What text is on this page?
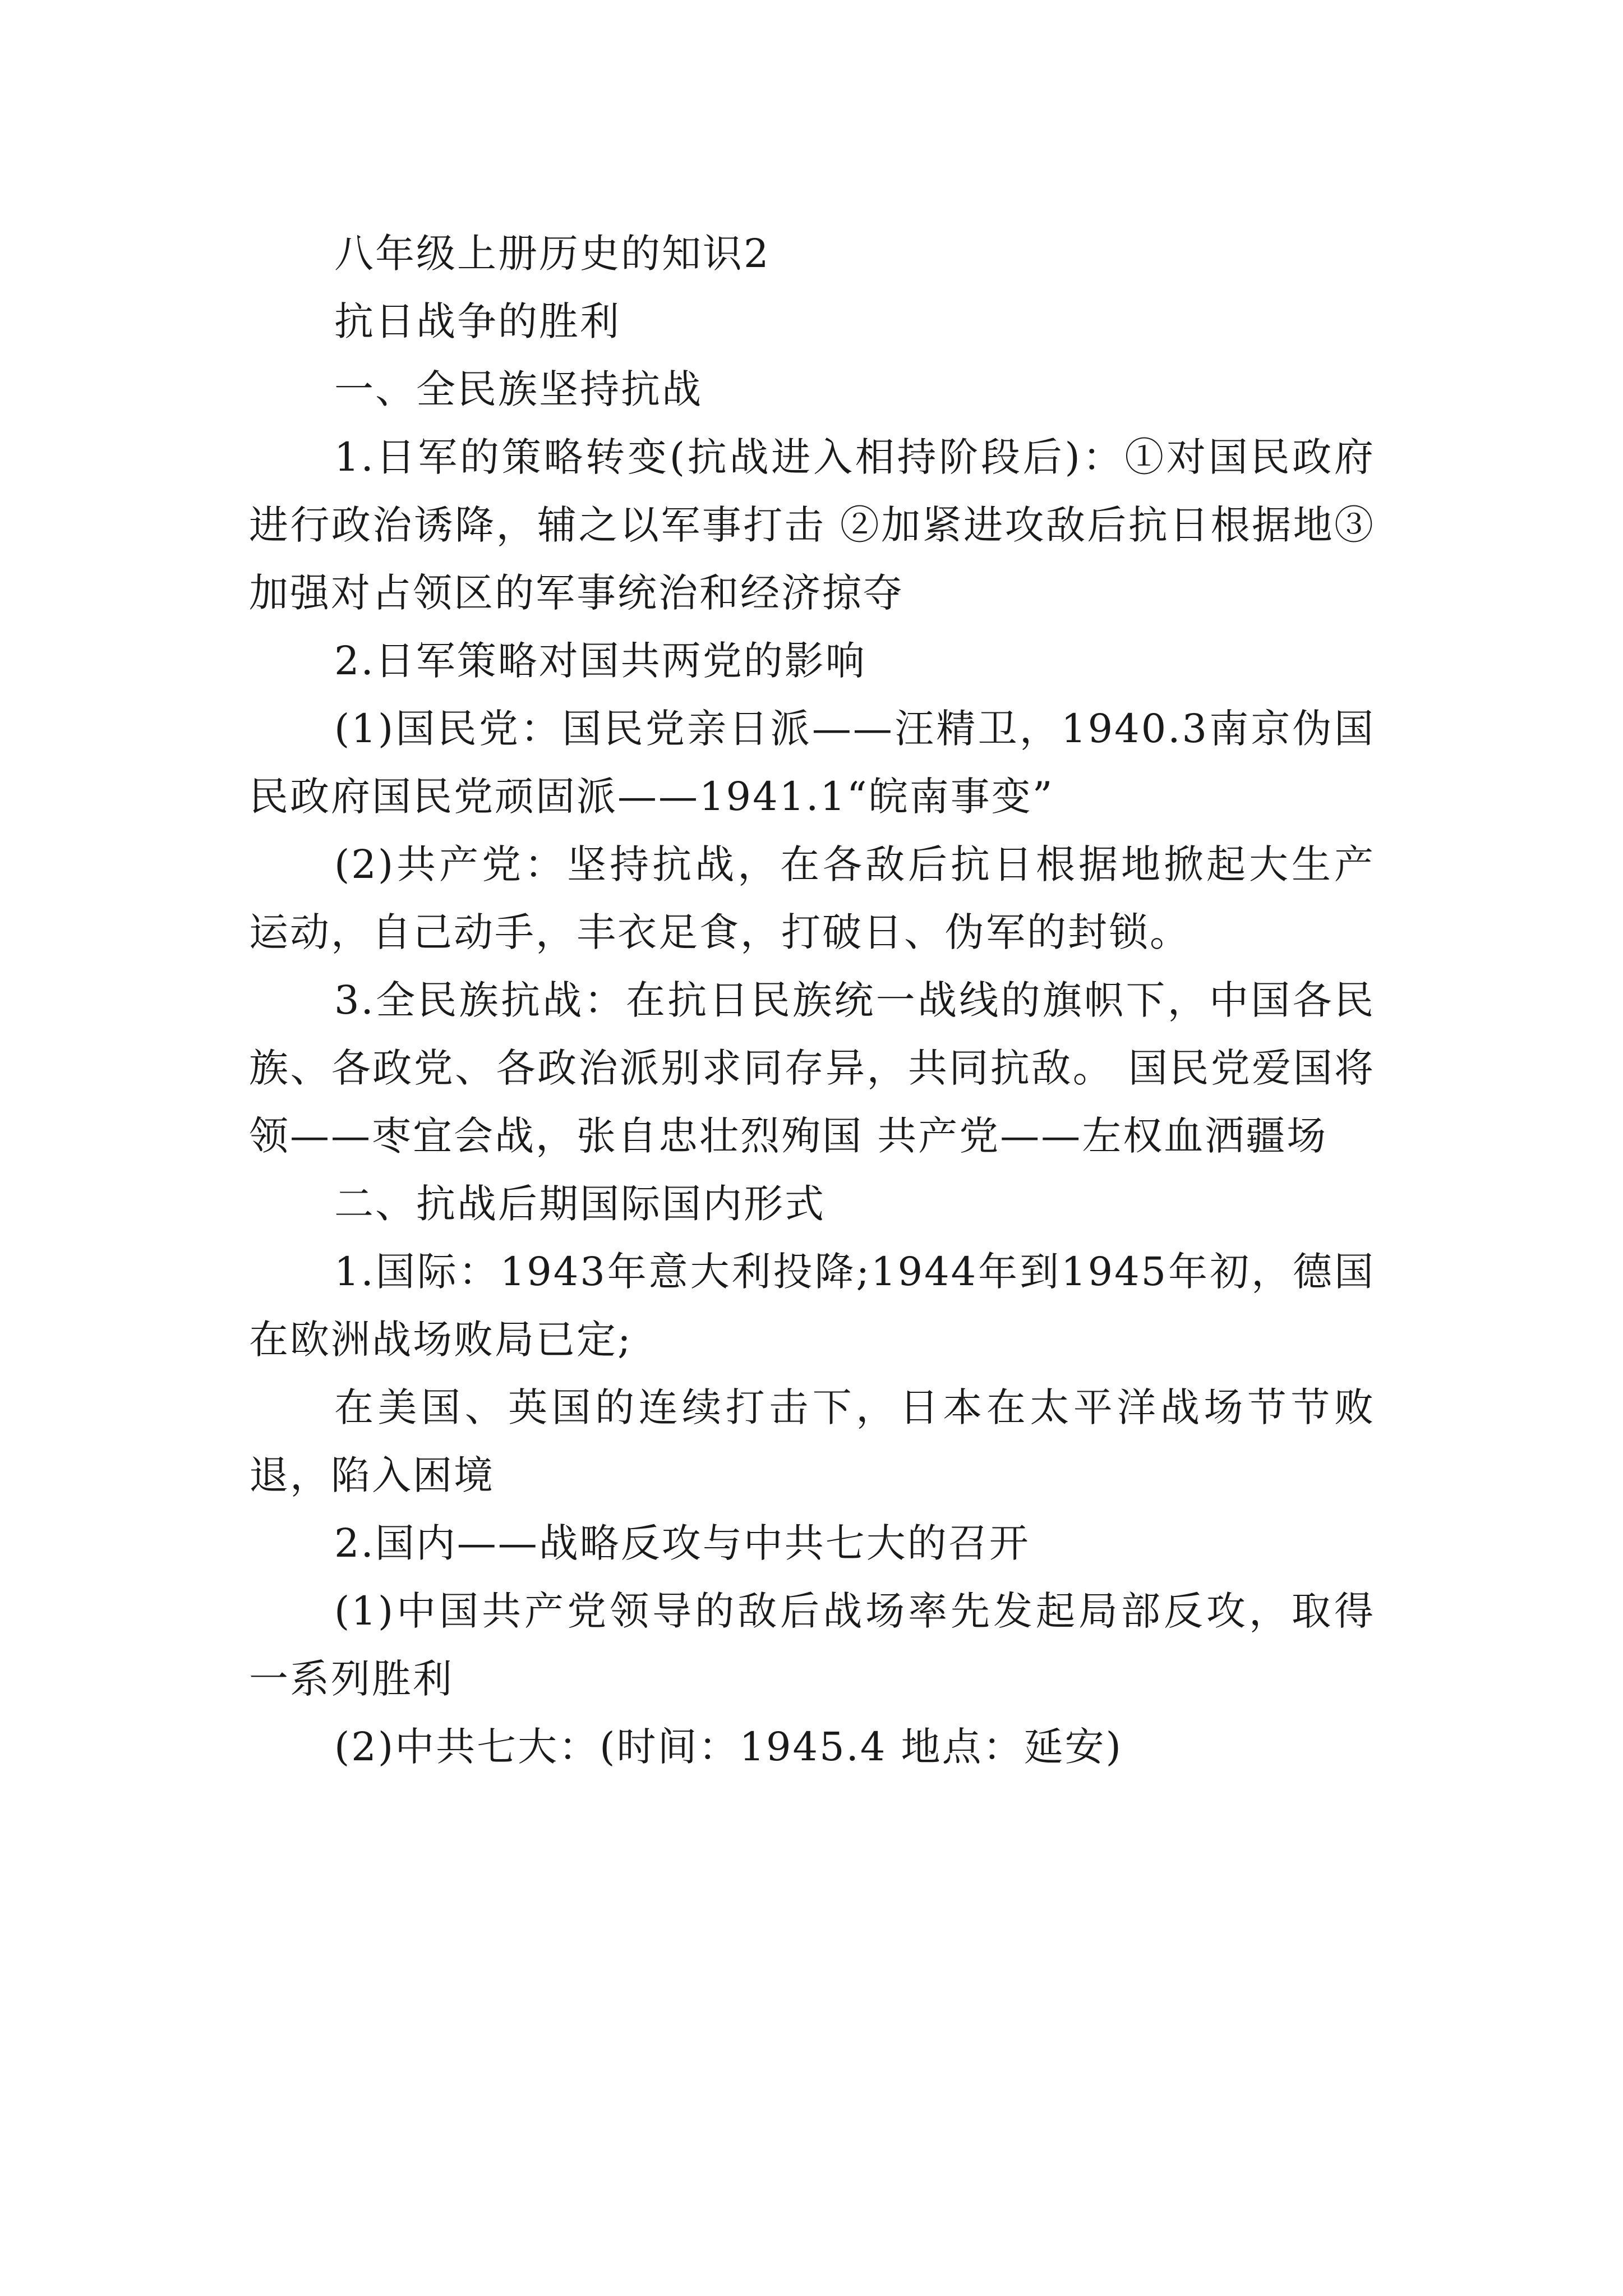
八年级上册历史的知识2

抗日战争的胜利

一、全民族坚持抗战

1.日军的策略转变(抗战进入相持阶段后)：①对国民政府进行政治诱降，辅之以军事打击 ②加紧进攻敌后抗日根据地③加强对占领区的军事统治和经济掠夺

2.日军策略对国共两党的影响

(1)国民党：国民党亲日派——汪精卫，1940.3南京伪国民政府国民党顽固派——1941.1“皖南事变”

(2)共产党：坚持抗战，在各敌后抗日根据地掀起大生产运动，自己动手，丰衣足食，打破日、伪军的封锁。

3.全民族抗战：在抗日民族统一战线的旗帜下，中国各民族、各政党、各政治派别求同存异，共同抗敌。 国民党爱国将领——枣宜会战，张自忠壮烈殉国 共产党——左权血洒疆场

二、抗战后期国际国内形式

1.国际：1943年意大利投降;1944年到1945年初，德国在欧洲战场败局已定;

在美国、英国的连续打击下，日本在太平洋战场节节败退，陷入困境

2.国内——战略反攻与中共七大的召开

(1)中国共产党领导的敌后战场率先发起局部反攻，取得一系列胜利

(2)中共七大：(时间：1945.4 地点：延安)
